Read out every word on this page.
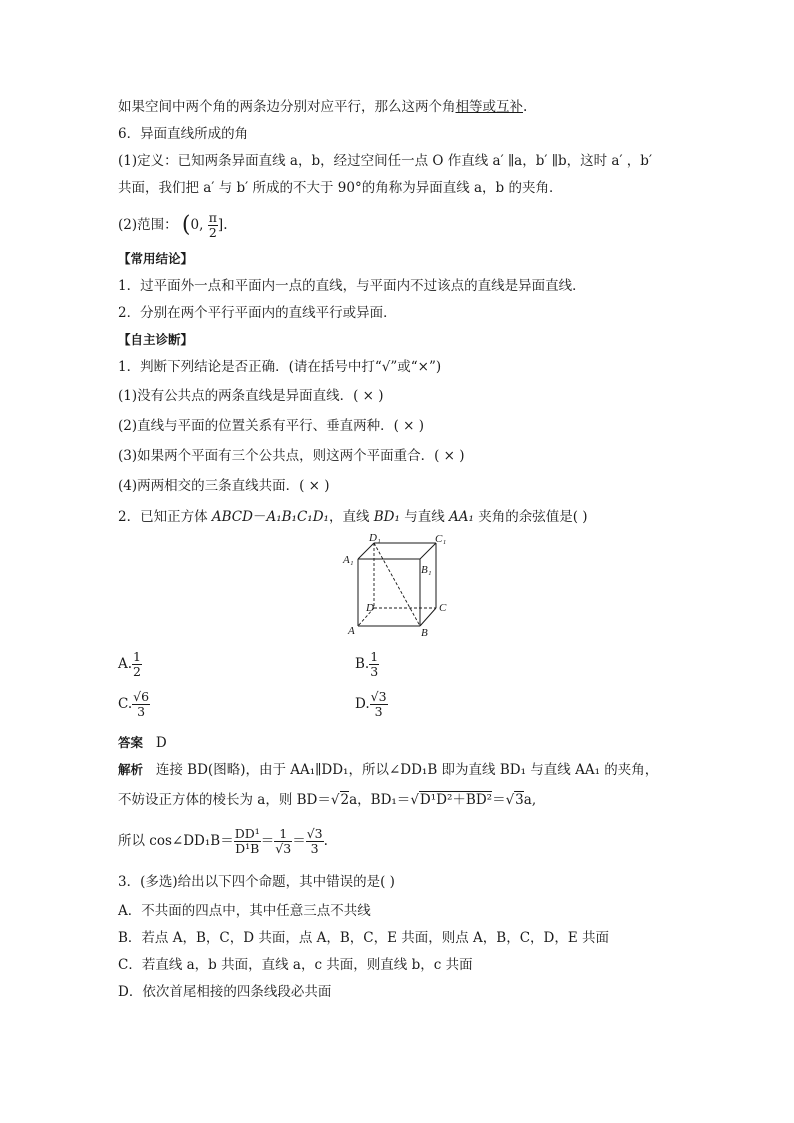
如果空间中两个角的两条边分别对应平行，那么这两个角相等或互补.
6．异面直线所成的角
(1)定义：已知两条异面直线 a，b，经过空间任一点 O 作直线 a′ ∥a，b′ ∥b，这时 a′ ，b′
共面，我们把 a′ 与 b′ 所成的不大于 90°的角称为异面直线 a，b 的夹角．
(2)范围： (0, $\frac{\pi}{2}$ ].
【常用结论】
1．过平面外一点和平面内一点的直线，与平面内不过该点的直线是异面直线．
2．分别在两个平行平面内的直线平行或异面．
【自主诊断】
1．判断下列结论是否正确．(请在括号中打“√”或“×”)
(1)没有公共点的两条直线是异面直线．( × )
(2)直线与平面的位置关系有平行、垂直两种．( × )
(3)如果两个平面有三个公共点，则这两个平面重合．( × )
(4)两两相交的三条直线共面．( × )
2．已知正方体 ABCD－A₁B₁C₁D₁，直线 BD₁ 与直线 AA₁ 夹角的余弦值是( )
D₁	C₁
A₁
B₁
D	C
A	B
A. $\frac{1}{2}$	B. $\frac{1}{3}$
C. $\frac{√6}{3}$	D. $\frac{√3}{3}$
答案 D
解析 连接 BD(图略)，由于 AA₁∥DD₁，所以∠DD₁B 即为直线 BD₁ 与直线 AA₁ 的夹角，
不妨设正方体的棱长为 a，则 BD＝√2a，BD₁＝√D¹D²＋BD²＝√3a,
所以 cos∠DD₁B＝ $\frac{\text{DD¹}}{\text{D¹B}} = \frac{1}{√3} = \frac{√3}{3}$ .
3．(多选)给出以下四个命题，其中错误的是( )
A．不共面的四点中，其中任意三点不共线
B．若点 A，B，C，D 共面，点 A，B，C，E 共面，则点 A，B，C，D，E 共面
C．若直线 a，b 共面，直线 a，c 共面，则直线 b，c 共面
D．依次首尾相接的四条线段必共面
